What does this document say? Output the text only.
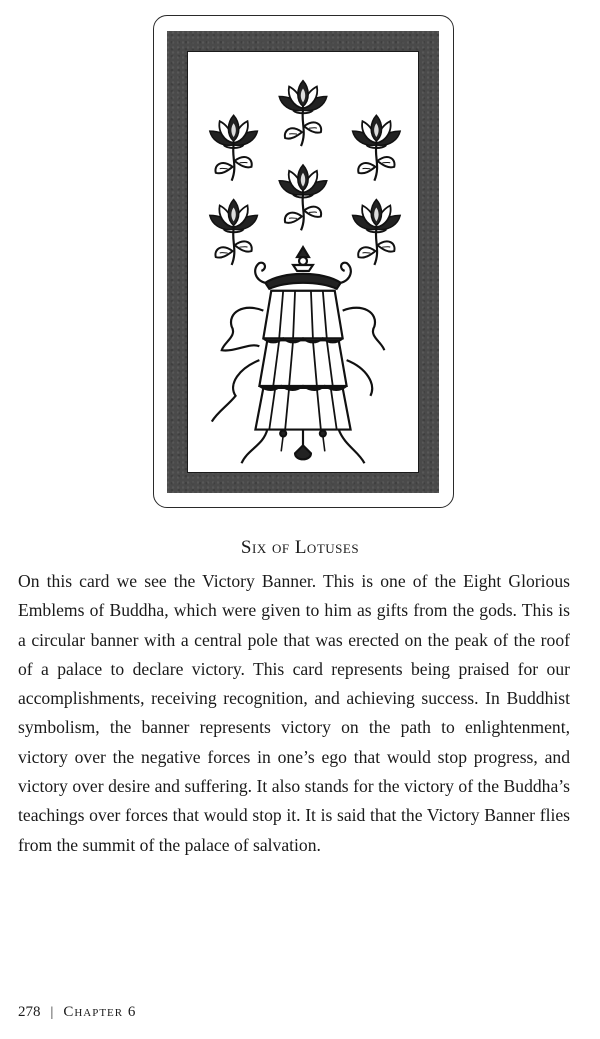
Six of Lotuses

On this card we see the Victory Banner. This is one of the Eight Glorious Emblems of Buddha, which were given to him as gifts from the gods. This is a circular banner with a central pole that was erected on the peak of the roof of a palace to declare victory. This card represents being praised for our accomplishments, receiving recognition, and achieving success. In Buddhist symbolism, the banner represents victory on the path to enlightenment, victory over the negative forces in one’s ego that would stop progress, and victory over desire and suffering. It also stands for the victory of the Buddha’s teachings over forces that would stop it. It is said that the Victory Banner flies from the summit of the palace of salvation.

278 | Chapter 6
